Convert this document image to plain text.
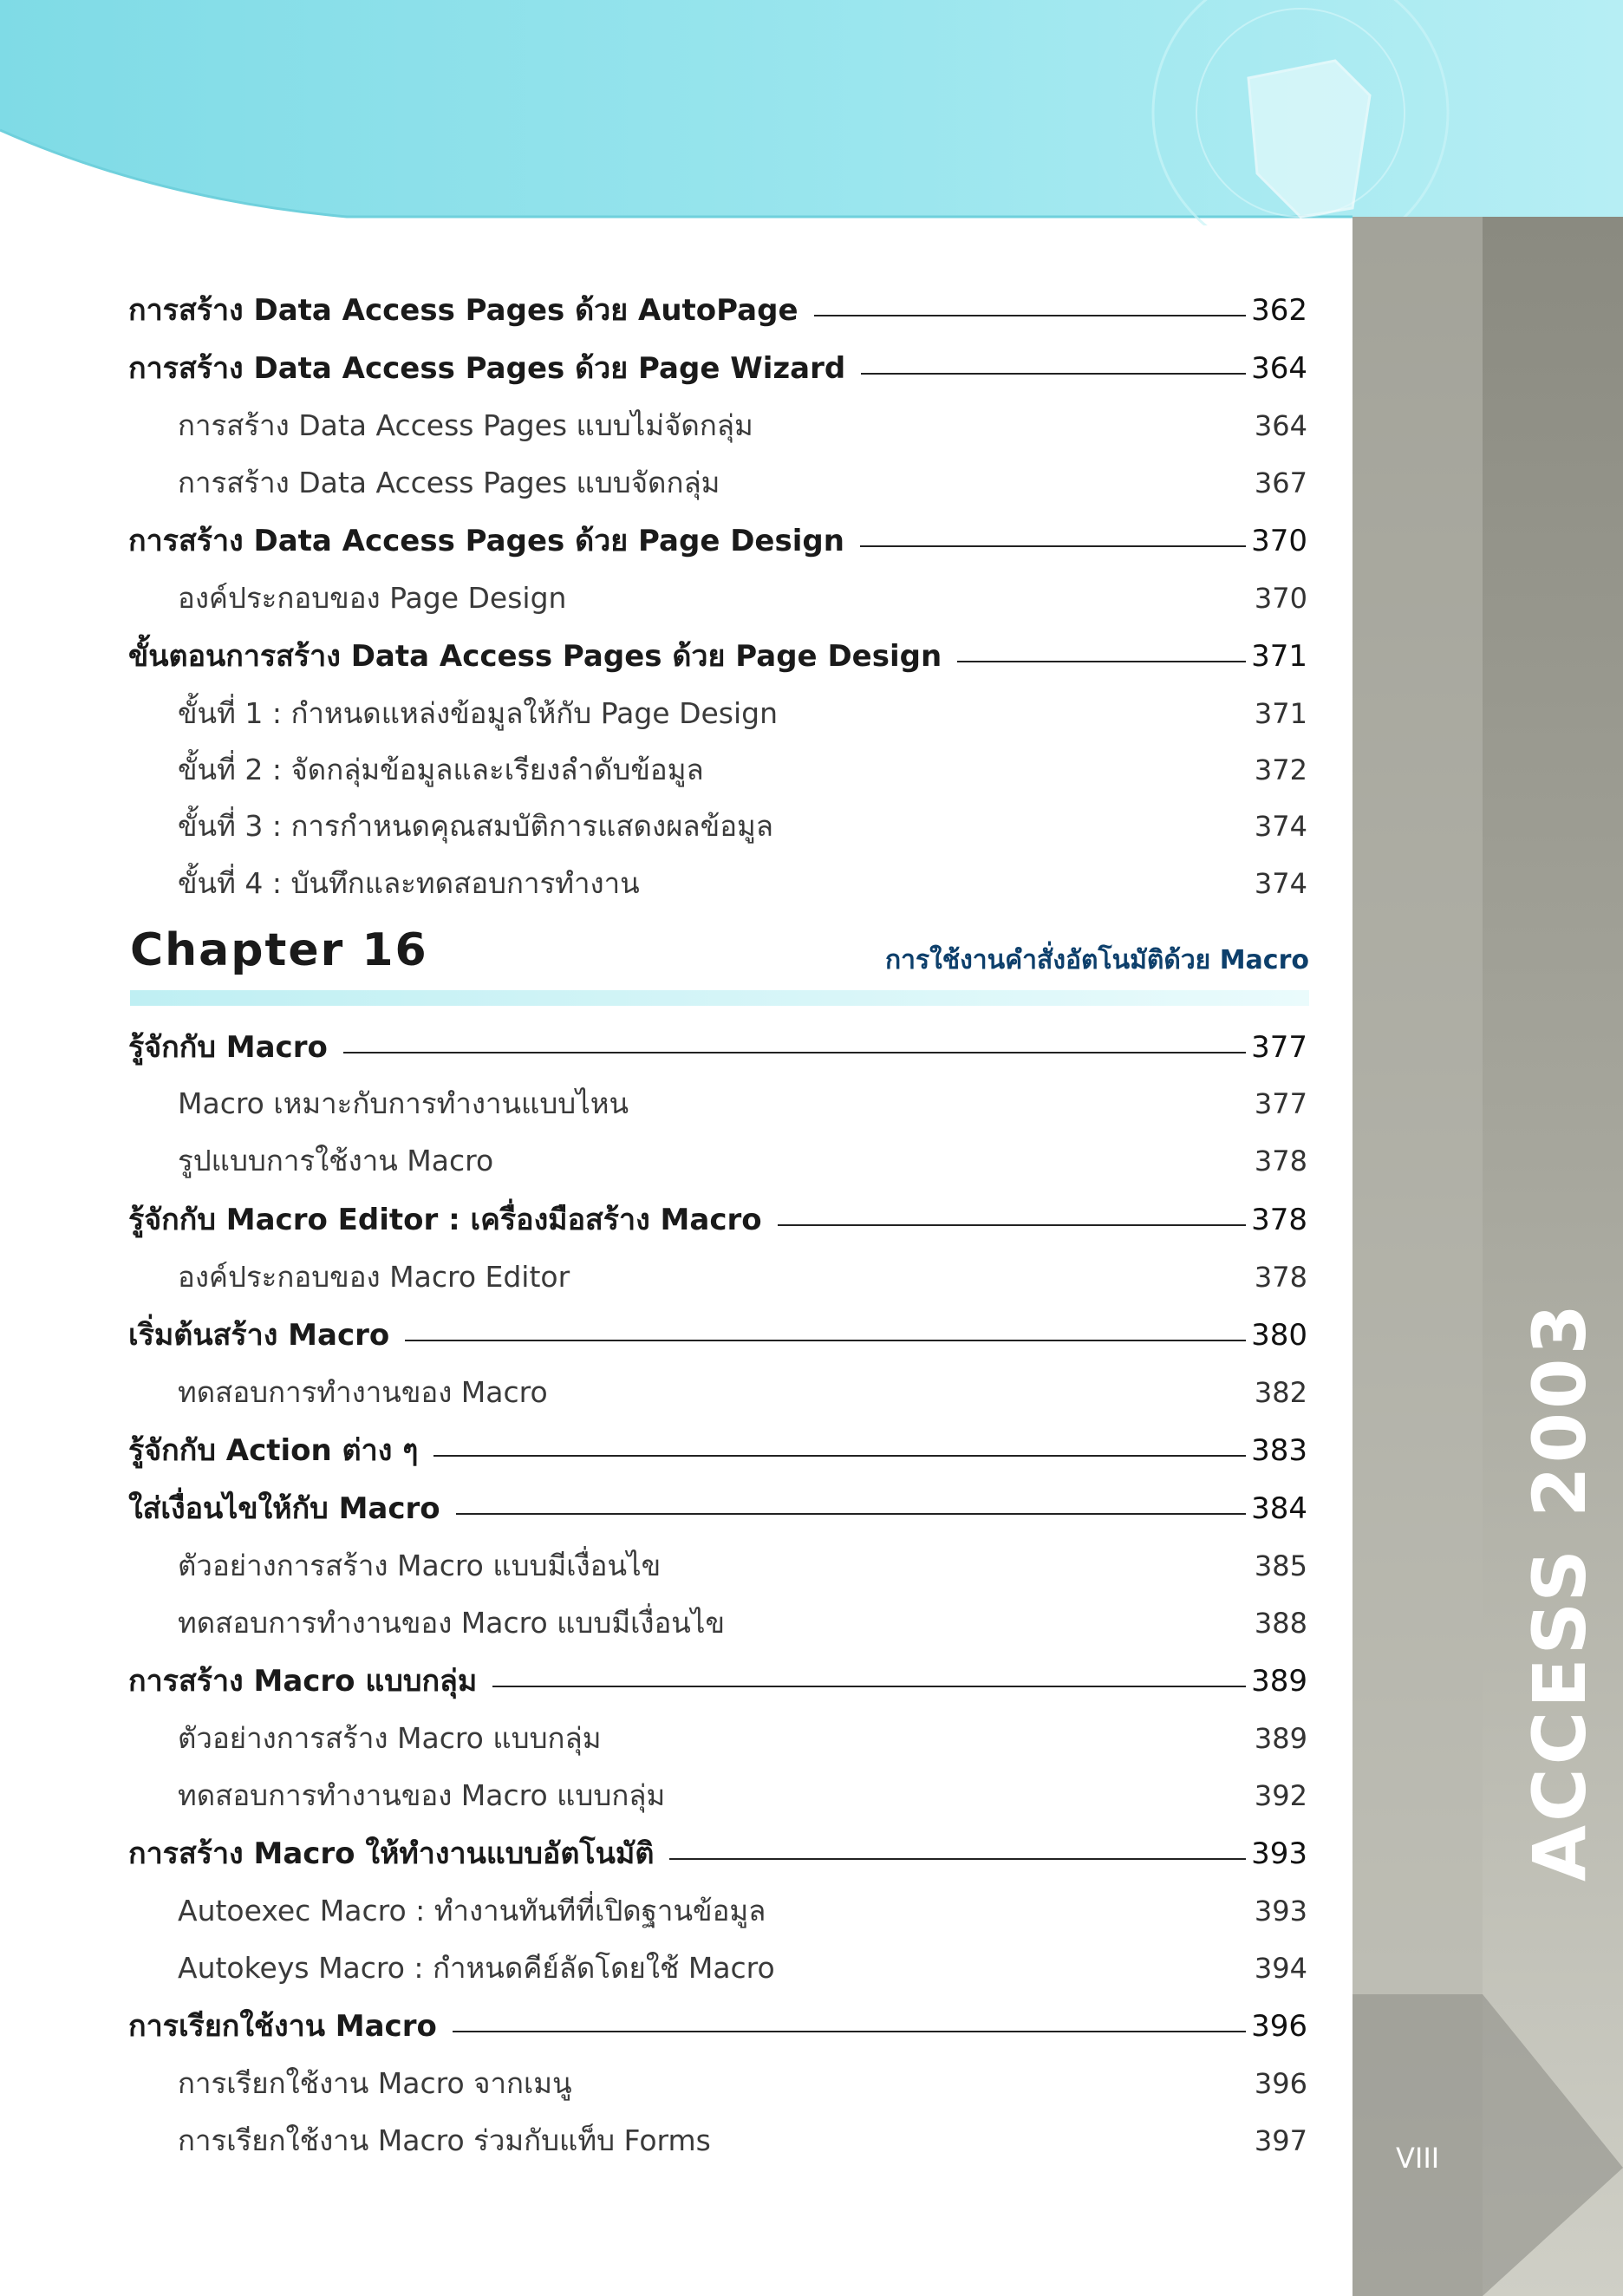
ACCESS 2003
VIII
การสร้าง Data Access Pages ด้วย AutoPage	362
การสร้าง Data Access Pages ด้วย Page Wizard	364
การสร้าง Data Access Pages แบบไม่จัดกลุ่ม	364
การสร้าง Data Access Pages แบบจัดกลุ่ม	367
การสร้าง Data Access Pages ด้วย Page Design	370
องค์ประกอบของ Page Design	370
ขั้นตอนการสร้าง Data Access Pages ด้วย Page Design	371
ขั้นที่ 1 : กำหนดแหล่งข้อมูลให้กับ Page Design	371
ขั้นที่ 2 : จัดกลุ่มข้อมูลและเรียงลำดับข้อมูล	372
ขั้นที่ 3 : การกำหนดคุณสมบัติการแสดงผลข้อมูล	374
ขั้นที่ 4 : บันทึกและทดสอบการทำงาน	374
Chapter 16	การใช้งานคำสั่งอัตโนมัติด้วย Macro
รู้จักกับ Macro	377
Macro เหมาะกับการทำงานแบบไหน	377
รูปแบบการใช้งาน Macro	378
รู้จักกับ Macro Editor : เครื่องมือสร้าง Macro	378
องค์ประกอบของ Macro Editor	378
เริ่มต้นสร้าง Macro	380
ทดสอบการทำงานของ Macro	382
รู้จักกับ Action ต่าง ๆ	383
ใส่เงื่อนไขให้กับ Macro	384
ตัวอย่างการสร้าง Macro แบบมีเงื่อนไข	385
ทดสอบการทำงานของ Macro แบบมีเงื่อนไข	388
การสร้าง Macro แบบกลุ่ม	389
ตัวอย่างการสร้าง Macro แบบกลุ่ม	389
ทดสอบการทำงานของ Macro แบบกลุ่ม	392
การสร้าง Macro ให้ทำงานแบบอัตโนมัติ	393
Autoexec Macro : ทำงานทันทีที่เปิดฐานข้อมูล	393
Autokeys Macro : กำหนดคีย์ลัดโดยใช้ Macro	394
การเรียกใช้งาน Macro	396
การเรียกใช้งาน Macro จากเมนู	396
การเรียกใช้งาน Macro ร่วมกับแท็บ Forms	397
